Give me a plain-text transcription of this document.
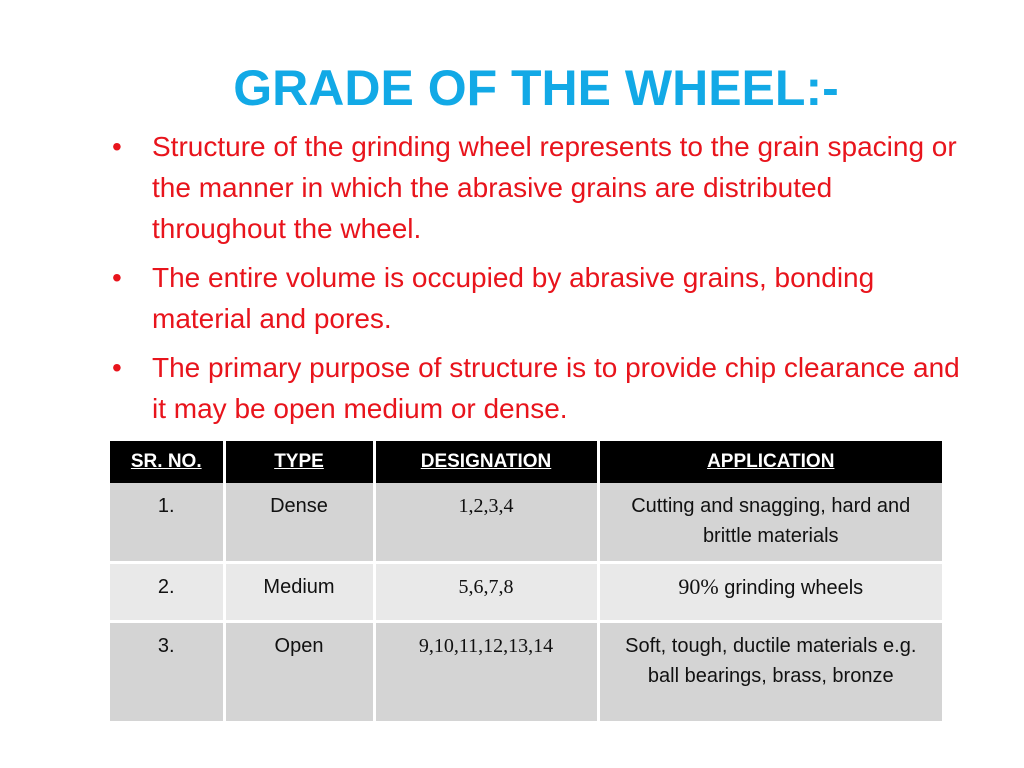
GRADE OF THE WHEEL:-
• Structure of the grinding wheel represents to the grain spacing or the manner in which the abrasive grains are distributed throughout the wheel.
• The entire volume is occupied by abrasive grains, bonding material and pores.
• The primary purpose of structure is to provide chip clearance and it may be open medium or dense.
SR. NO.	TYPE	DESIGNATION	APPLICATION
1.	Dense	1,2,3,4	Cutting and snagging, hard and brittle materials
2.	Medium	5,6,7,8	90% grinding wheels
3.	Open	9,10,11,12,13,14	Soft, tough, ductile materials e.g. ball bearings, brass, bronze
